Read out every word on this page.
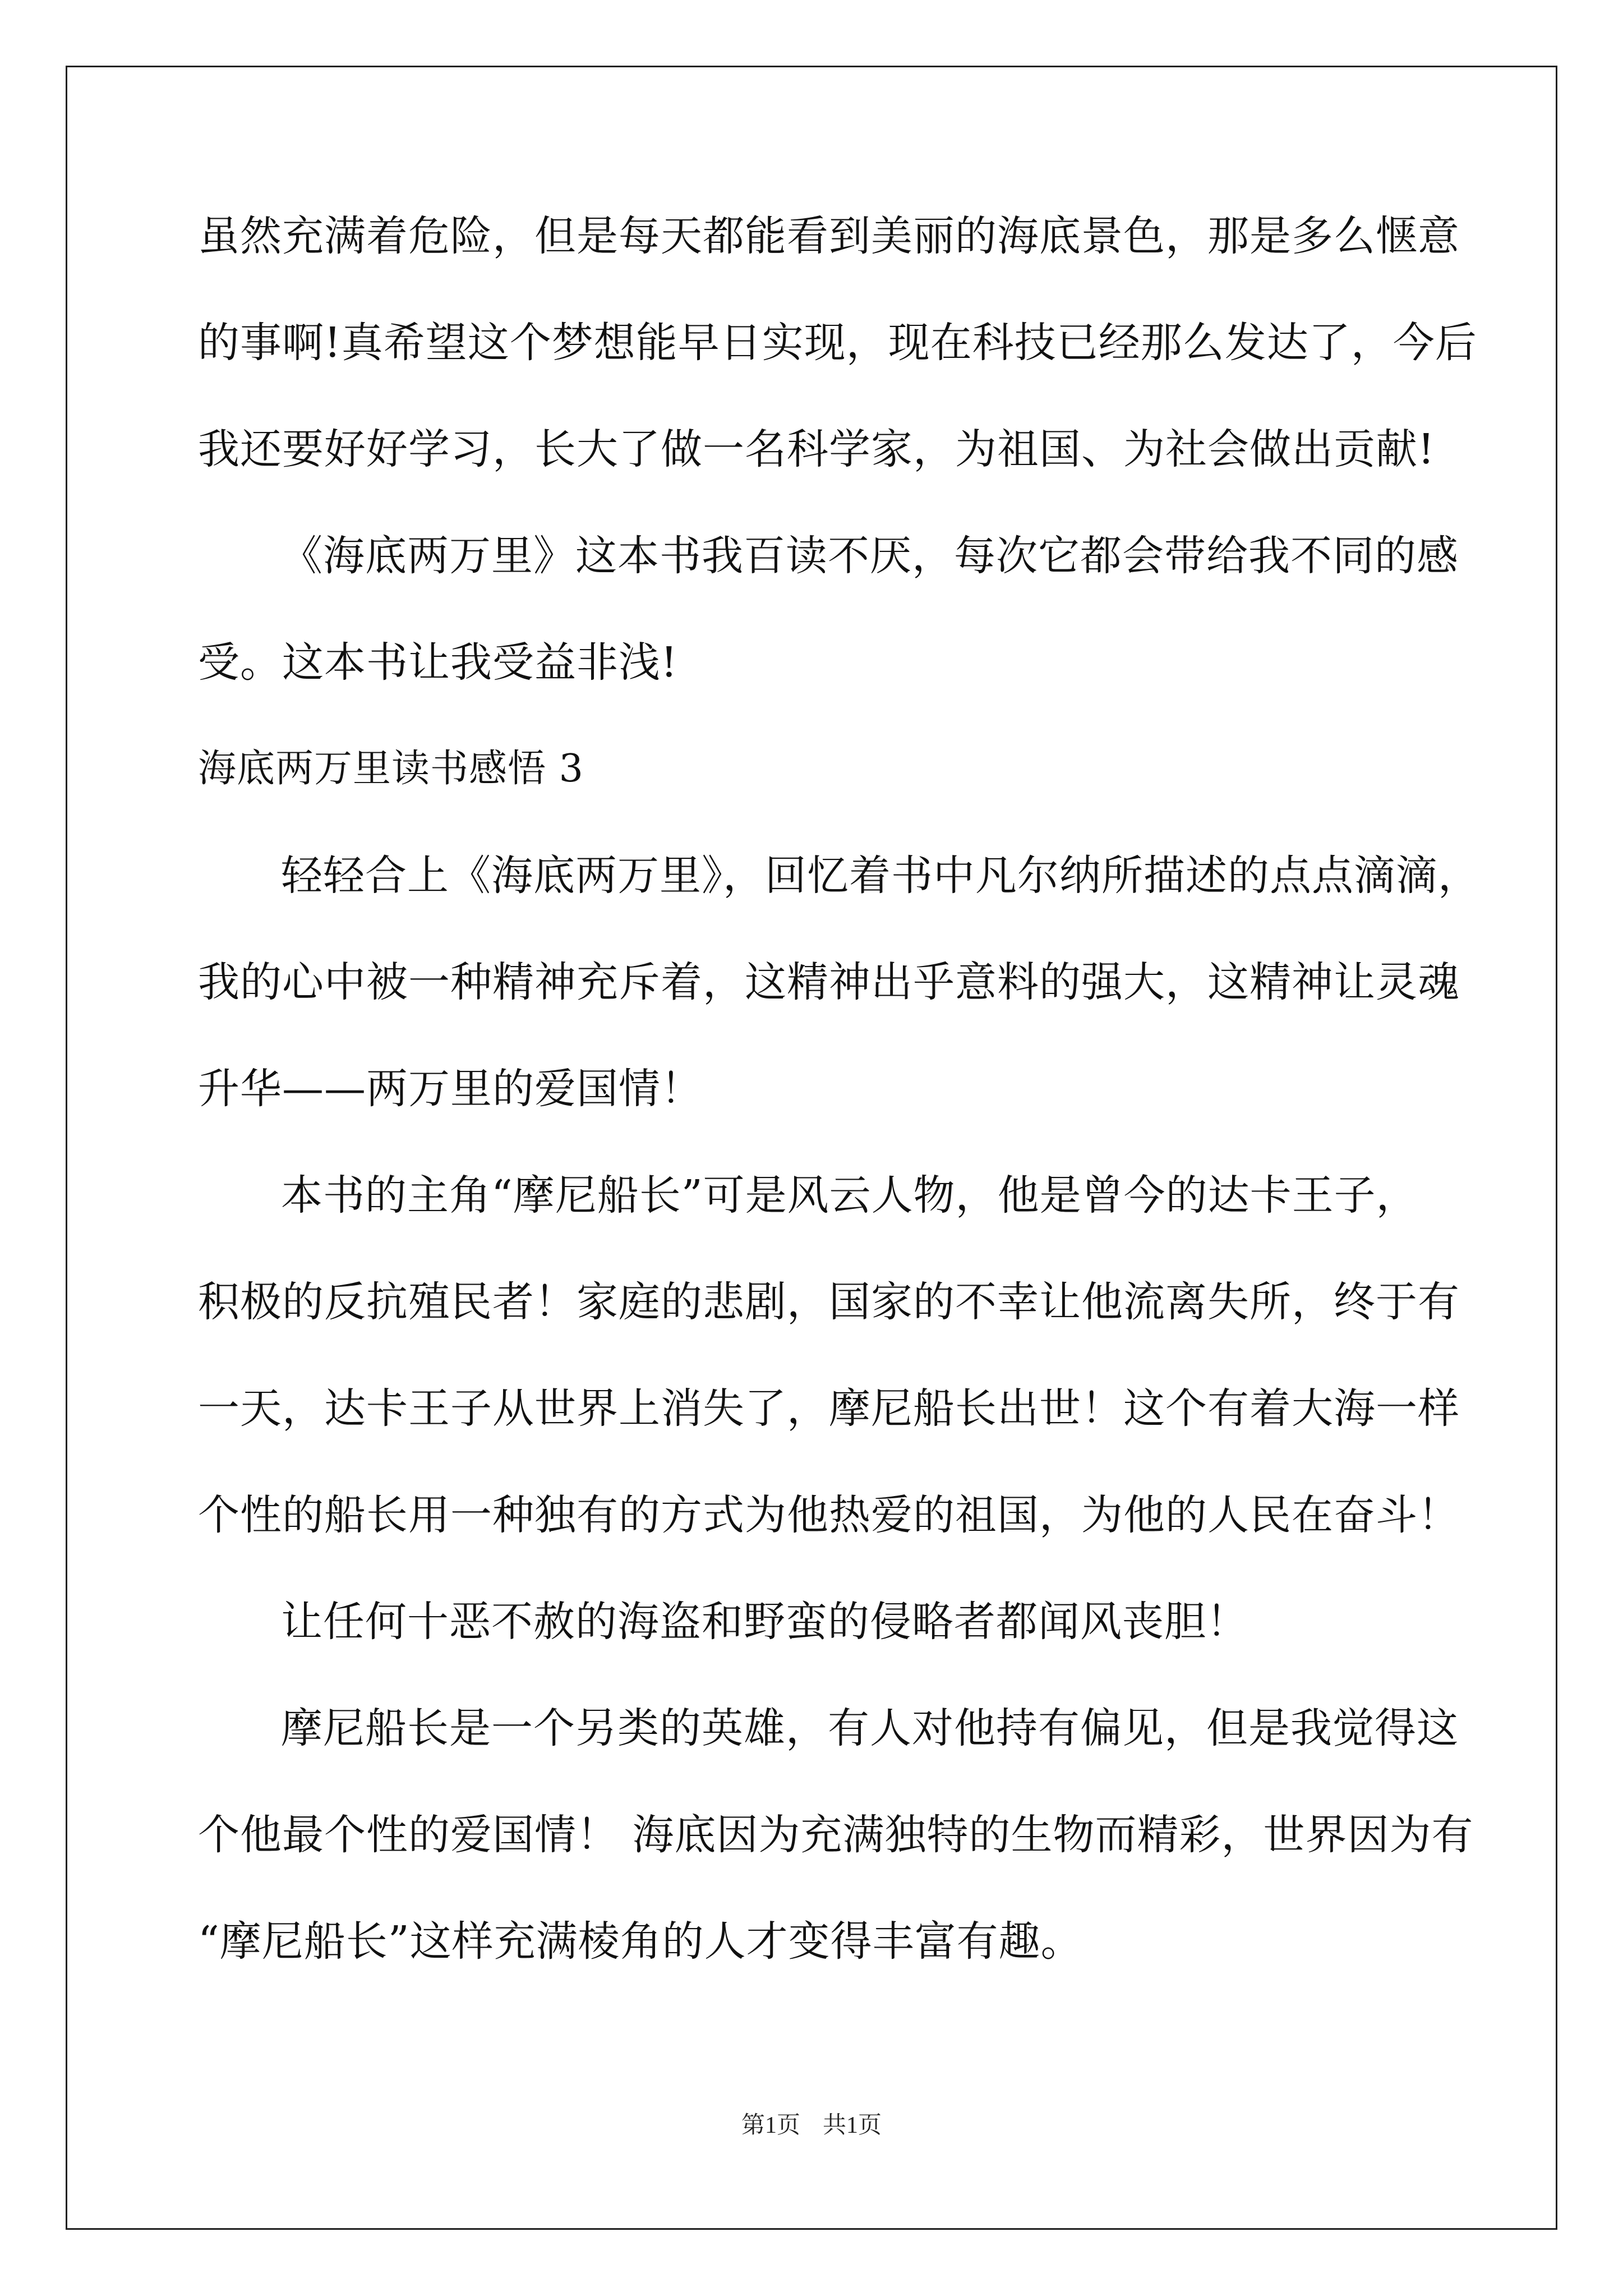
虽然充满着危险，但是每天都能看到美丽的海底景色，那是多么惬意
的事啊!真希望这个梦想能早日实现，现在科技已经那么发达了，今后
我还要好好学习，长大了做一名科学家，为祖国、为社会做出贡献!
《海底两万里》这本书我百读不厌，每次它都会带给我不同的感
受。这本书让我受益非浅!
海底两万里读书感悟 3
轻轻合上《海底两万里》，回忆着书中凡尔纳所描述的点点滴滴，
我的心中被一种精神充斥着，这精神出乎意料的强大，这精神让灵魂
升华——两万里的爱国情！
本书的主角“摩尼船长”可是风云人物，他是曾今的达卡王子，
积极的反抗殖民者！家庭的悲剧，国家的不幸让他流离失所，终于有
一天，达卡王子从世界上消失了，摩尼船长出世！这个有着大海一样
个性的船长用一种独有的方式为他热爱的祖国，为他的人民在奋斗！
让任何十恶不赦的海盗和野蛮的侵略者都闻风丧胆！
摩尼船长是一个另类的英雄，有人对他持有偏见，但是我觉得这
个他最个性的爱国情！ 海底因为充满独特的生物而精彩，世界因为有
“摩尼船长”这样充满棱角的人才变得丰富有趣。
第1页 共1页
